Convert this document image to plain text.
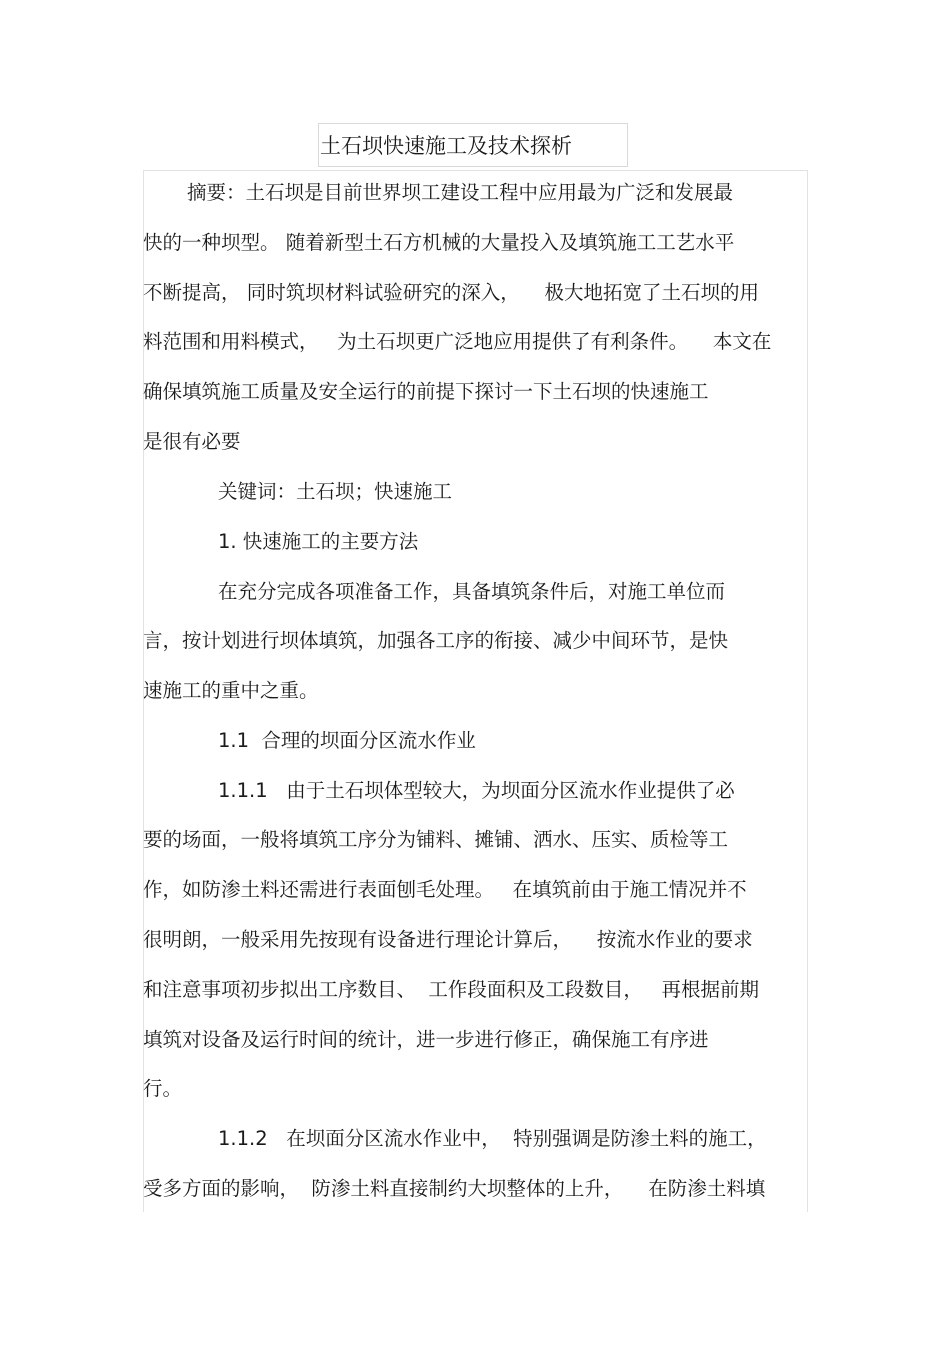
土石坝快速施工及技术探析
摘要：土石坝是目前世界坝工建设工程中应用最为广泛和发展最
快的一种坝型。 随着新型土石方机械的大量投入及填筑施工工艺水平
不断提高， 同时筑坝材料试验研究的深入，    极大地拓宽了土石坝的用
料范围和用料模式，   为土石坝更广泛地应用提供了有利条件。    本文在
确保填筑施工质量及安全运行的前提下探讨一下土石坝的快速施工
是很有必要
关键词：土石坝；快速施工
1. 快速施工的主要方法
在充分完成各项准备工作，具备填筑条件后，对施工单位而
言，按计划进行坝体填筑，加强各工序的衔接、减少中间环节，是快
速施工的重中之重。
1.1  合理的坝面分区流水作业
1.1.1   由于土石坝体型较大，为坝面分区流水作业提供了必
要的场面，一般将填筑工序分为铺料、摊铺、洒水、压实、质检等工
作，如防渗土料还需进行表面刨毛处理。   在填筑前由于施工情况并不
很明朗，一般采用先按现有设备进行理论计算后，    按流水作业的要求
和注意事项初步拟出工序数目、  工作段面积及工段数目，   再根据前期
填筑对设备及运行时间的统计，进一步进行修正，确保施工有序进
行。
1.1.2   在坝面分区流水作业中，  特别强调是防渗土料的施工，
受多方面的影响，  防渗土料直接制约大坝整体的上升，    在防渗土料填
